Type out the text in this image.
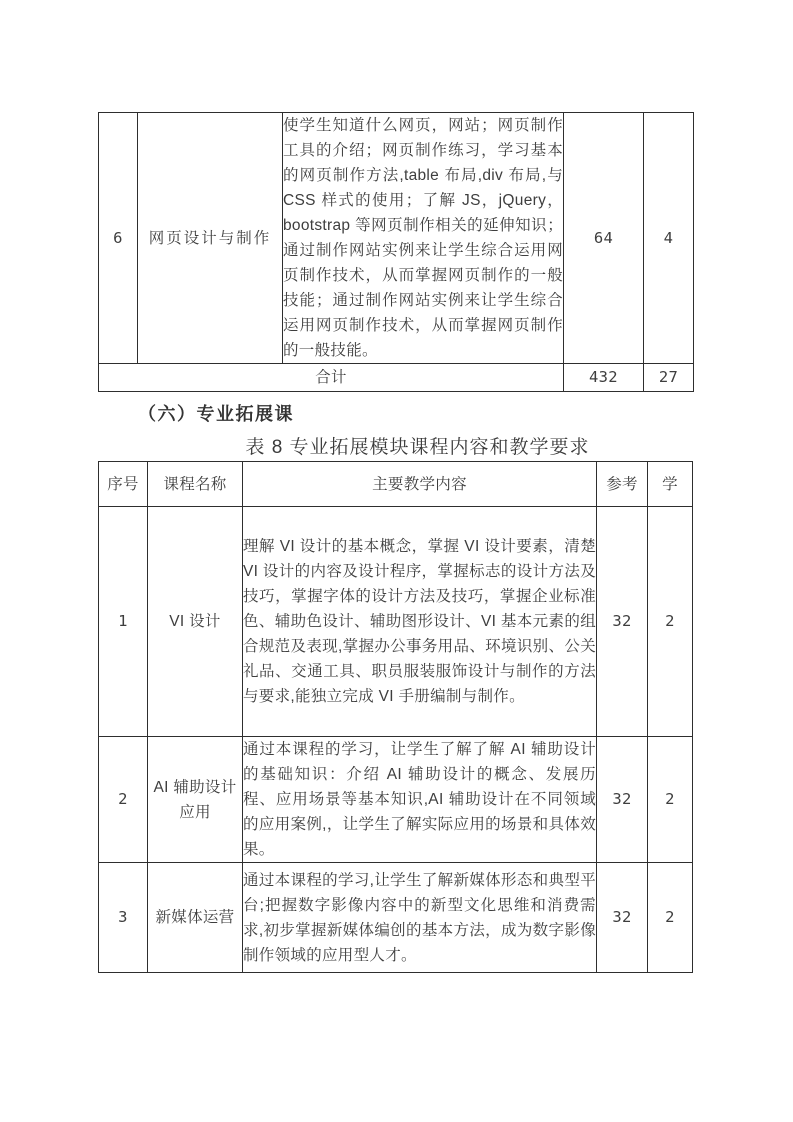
6	网页设计与制作	使学生知道什么网页，网站；网页制作工具的介绍；网页制作练习，学习基本的网页制作方法,table 布局,div 布局,与 CSS 样式的使用；了解 JS，jQuery，bootstrap 等网页制作相关的延伸知识；通过制作网站实例来让学生综合运用网页制作技术，从而掌握网页制作的一般技能；通过制作网站实例来让学生综合运用网页制作技术，从而掌握网页制作的一般技能。	64	4
合计			432	27
（六）专业拓展课
表 8 专业拓展模块课程内容和教学要求
序号	课程名称	主要教学内容	参考	学
1	VI 设计	理解 VI 设计的基本概念，掌握 VI 设计要素，清楚 VI 设计的内容及设计程序，掌握标志的设计方法及技巧，掌握字体的设计方法及技巧，掌握企业标准色、辅助色设计、辅助图形设计、VI 基本元素的组合规范及表现,掌握办公事务用品、环境识别、公关礼品、交通工具、职员服装服饰设计与制作的方法与要求,能独立完成 VI 手册编制与制作。	32	2
2	AI 辅助设计应用	通过本课程的学习，让学生了解了解 AI 辅助设计的基础知识：介绍 AI 辅助设计的概念、发展历程、应用场景等基本知识,AI 辅助设计在不同领域的应用案例,，让学生了解实际应用的场景和具体效果。	32	2
3	新媒体运营	通过本课程的学习,让学生了解新媒体形态和典型平台;把握数字影像内容中的新型文化思维和消费需求,初步掌握新媒体编创的基本方法，成为数字影像制作领域的应用型人才。	32	2
